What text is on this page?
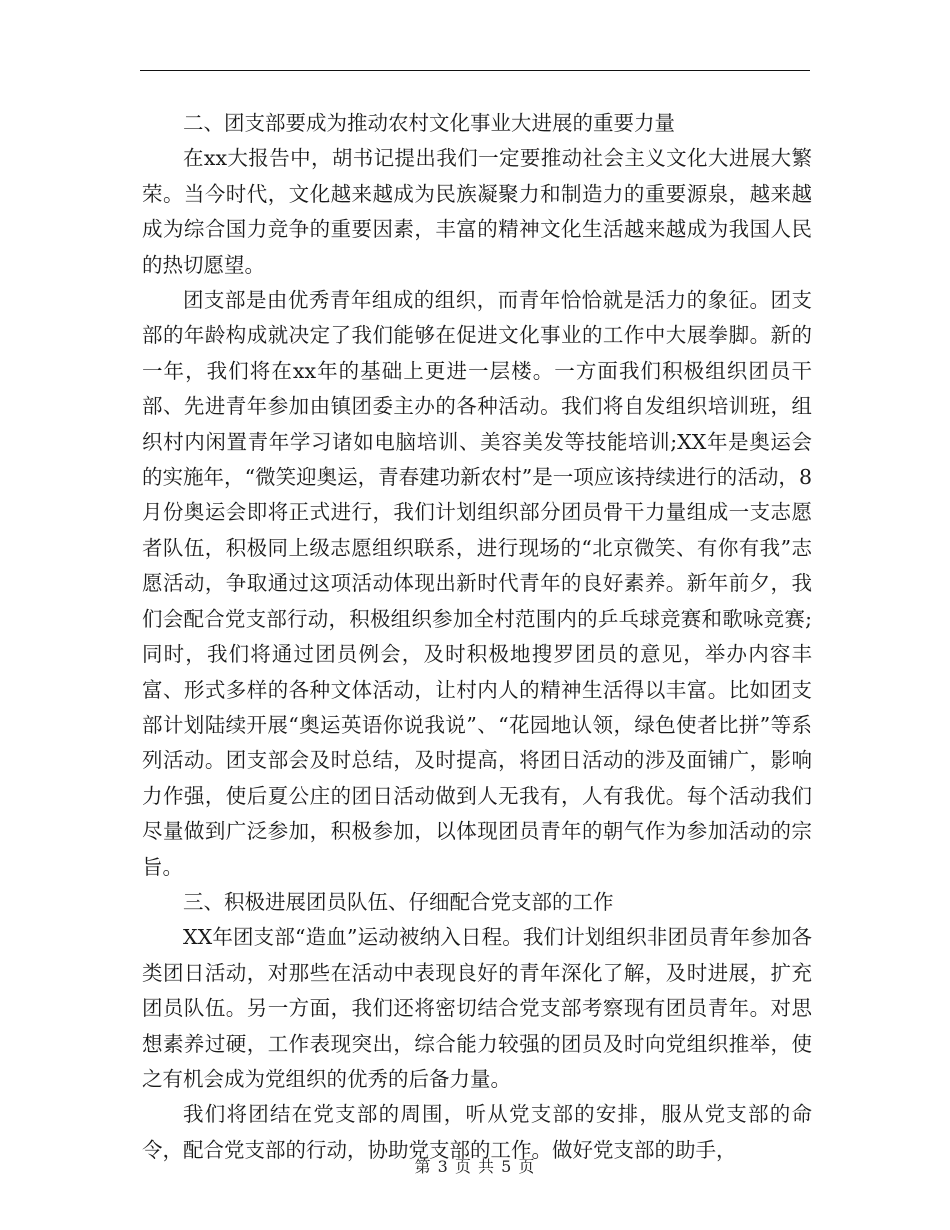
二、团支部要成为推动农村文化事业大进展的重要力量

在xx大报告中，胡书记提出我们一定要推动社会主义文化大进展大繁荣。当今时代，文化越来越成为民族凝聚力和制造力的重要源泉，越来越成为综合国力竞争的重要因素，丰富的精神文化生活越来越成为我国人民的热切愿望。

团支部是由优秀青年组成的组织，而青年恰恰就是活力的象征。团支部的年龄构成就决定了我们能够在促进文化事业的工作中大展拳脚。新的一年，我们将在xx年的基础上更进一层楼。一方面我们积极组织团员干部、先进青年参加由镇团委主办的各种活动。我们将自发组织培训班，组织村内闲置青年学习诸如电脑培训、美容美发等技能培训;XX年是奥运会的实施年，“微笑迎奥运，青春建功新农村”是一项应该持续进行的活动，8月份奥运会即将正式进行，我们计划组织部分团员骨干力量组成一支志愿者队伍，积极同上级志愿组织联系，进行现场的“北京微笑、有你有我”志愿活动，争取通过这项活动体现出新时代青年的良好素养。新年前夕，我们会配合党支部行动，积极组织参加全村范围内的乒乓球竞赛和歌咏竞赛;同时，我们将通过团员例会，及时积极地搜罗团员的意见，举办内容丰富、形式多样的各种文体活动，让村内人的精神生活得以丰富。比如团支部计划陆续开展“奥运英语你说我说”、“花园地认领，绿色使者比拼”等系列活动。团支部会及时总结，及时提高，将团日活动的涉及面铺广，影响力作强，使后夏公庄的团日活动做到人无我有，人有我优。每个活动我们尽量做到广泛参加，积极参加，以体现团员青年的朝气作为参加活动的宗旨。

三、积极进展团员队伍、仔细配合党支部的工作

XX年团支部“造血”运动被纳入日程。我们计划组织非团员青年参加各类团日活动，对那些在活动中表现良好的青年深化了解，及时进展，扩充团员队伍。另一方面，我们还将密切结合党支部考察现有团员青年。对思想素养过硬，工作表现突出，综合能力较强的团员及时向党组织推举，使之有机会成为党组织的优秀的后备力量。

我们将团结在党支部的周围，听从党支部的安排，服从党支部的命令，配合党支部的行动，协助党支部的工作。做好党支部的助手，

第 3 页 共 5 页
